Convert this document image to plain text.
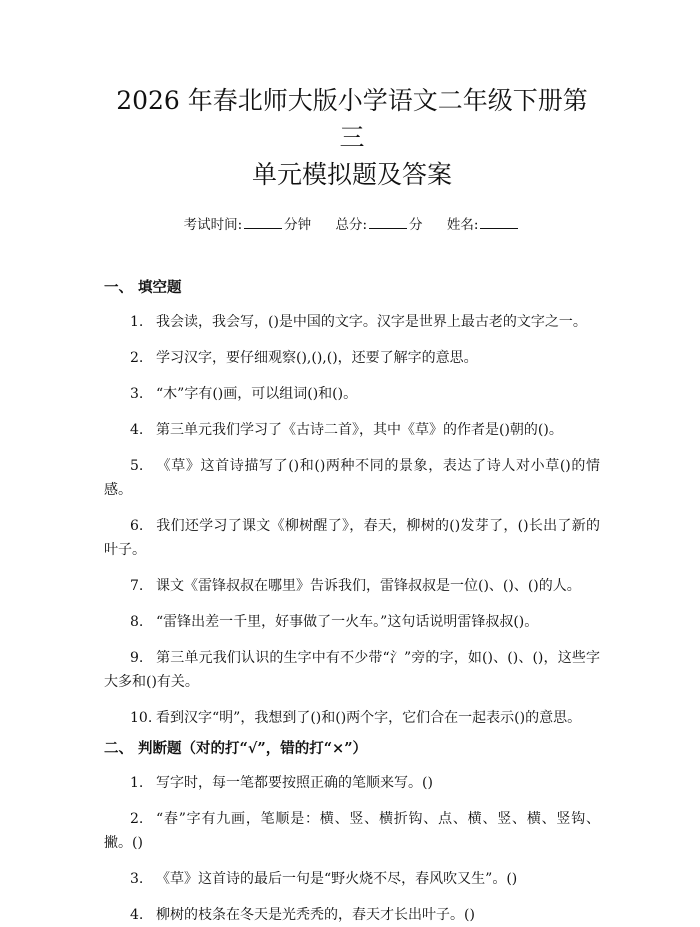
2026 年春北师大版小学语文二年级下册第三
单元模拟题及答案
考试时间:	分钟 总分:	分 姓名:

一、 填空题

1. 我会读，我会写，()是中国的文字。汉字是世界上最古老的文字之一。
2. 学习汉字，要仔细观察(),(),()，还要了解字的意思。
3. “木”字有()画，可以组词()和()。
4. 第三单元我们学习了《古诗二首》，其中《草》的作者是()朝的()。
5. 《草》这首诗描写了()和()两种不同的景象，表达了诗人对小草()的情感。
6. 我们还学习了课文《柳树醒了》，春天，柳树的()发芽了，()长出了新的叶子。
7. 课文《雷锋叔叔在哪里》告诉我们，雷锋叔叔是一位()、()、()的人。
8. “雷锋出差一千里，好事做了一火车。”这句话说明雷锋叔叔()。
9. 第三单元我们认识的生字中有不少带“氵”旁的字，如()、()、()，这些字大多和()有关。
10. 看到汉字“明”，我想到了()和()两个字，它们合在一起表示()的意思。

二、 判断题（对的打“√”，错的打“×”）

1. 写字时，每一笔都要按照正确的笔顺来写。()
2. “春”字有九画，笔顺是：横、竖、横折钩、点、横、竖、横、竖钩、撇。()
3. 《草》这首诗的最后一句是“野火烧不尽，春风吹又生”。()
4. 柳树的枝条在冬天是光秃秃的，春天才长出叶子。()
